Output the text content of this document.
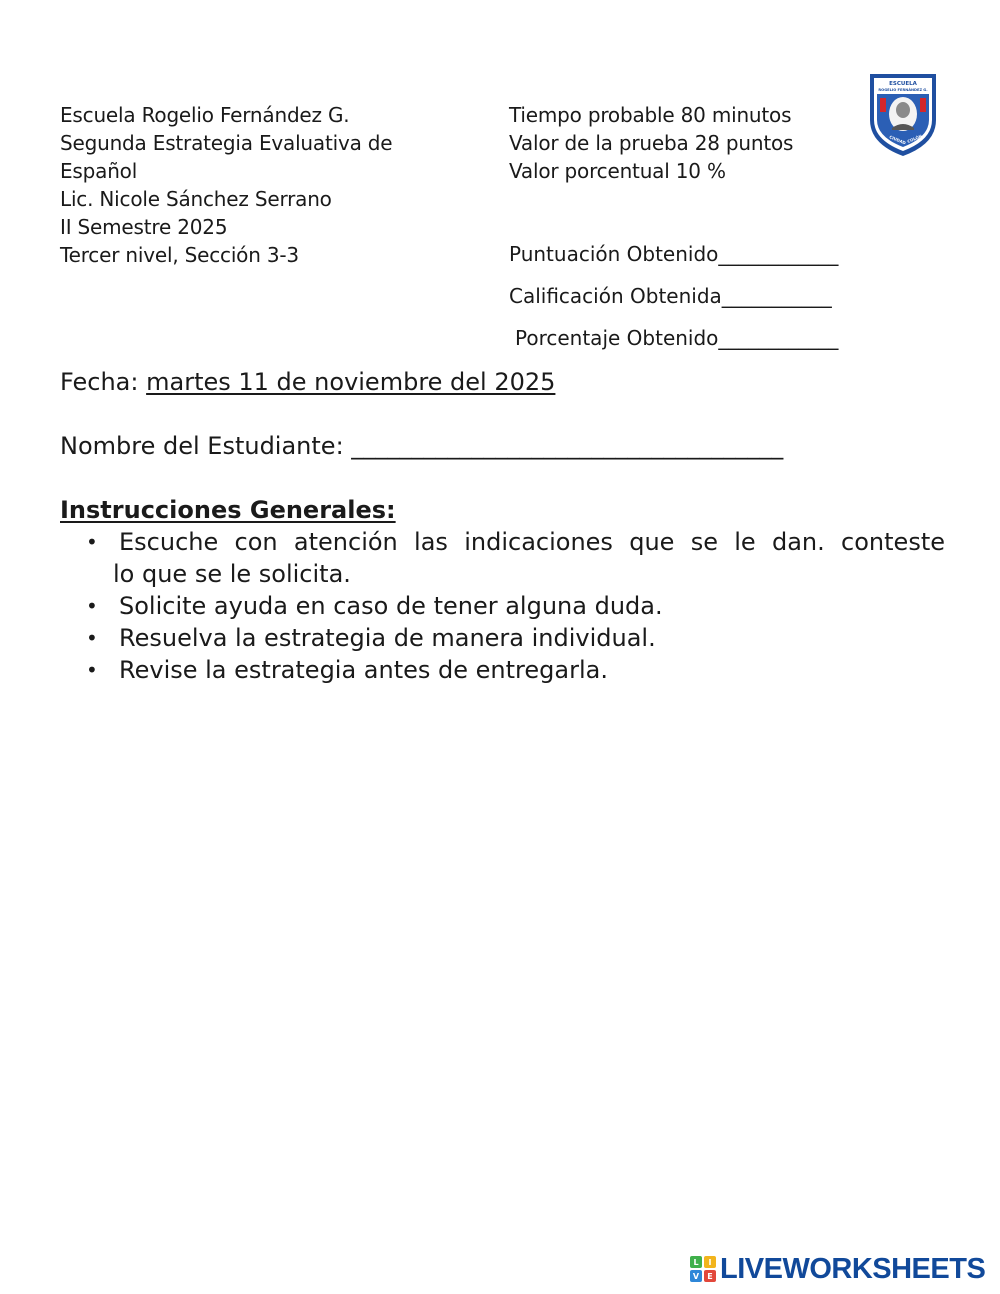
Escuela Rogelio Fernández G.
Segunda Estrategia Evaluativa de
Español
Lic. Nicole Sánchez Serrano
II Semestre 2025
Tercer nivel, Sección 3-3
Tiempo probable 80 minutos
Valor de la prueba 28 puntos
Valor porcentual 10 %
ESCUELA
ROGELIO FERNÁNDEZ G.
CIUDAD COLÓN
Puntuación Obtenido____________
Calificación Obtenida___________
Porcentaje Obtenido____________
Fecha: martes 11 de noviembre del 2025
Nombre del Estudiante: ____________________________________
Instrucciones Generales:
• Escuche con atención las indicaciones que se le dan. conteste
lo que se le solicita.
• Solicite ayuda en caso de tener alguna duda.
• Resuelva la estrategia de manera individual.
• Revise la estrategia antes de entregarla.
L	I
V	E LIVEWORKSHEETS
